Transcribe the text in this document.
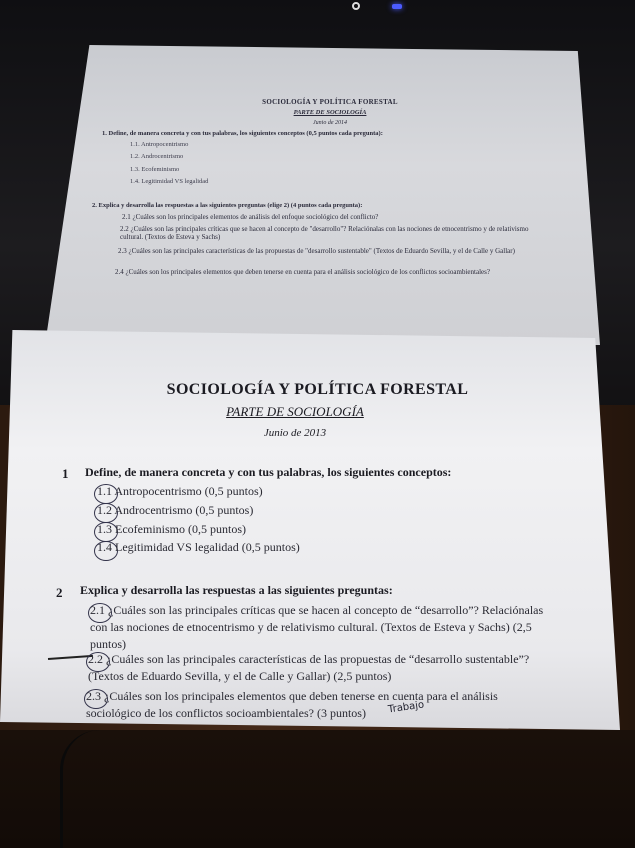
SOCIOLOGÍA Y POLÍTICA FORESTAL
PARTE DE SOCIOLOGÍA
Junio de 2014
1. Define, de manera concreta y con tus palabras, los siguientes conceptos (0,5 puntos cada pregunta):
1.1. Antropocentrismo
1.2. Androcentrismo
1.3. Ecofeminismo
1.4. Legitimidad VS legalidad
2. Explica y desarrolla las respuestas a las siguientes preguntas (elige 2) (4 puntos cada pregunta):
2.1 ¿Cuáles son los principales elementos de análisis del enfoque sociológico del conflicto?
2.2 ¿Cuáles son las principales críticas que se hacen al concepto de "desarrollo"? Relaciónalas con las nociones de etnocentrismo y de relativismo cultural. (Textos de Esteva y Sachs)
2.3 ¿Cuáles son las principales características de las propuestas de "desarrollo sustentable" (Textos de Eduardo Sevilla, y el de Calle y Gallar)
2.4 ¿Cuáles son los principales elementos que deben tenerse en cuenta para el análisis sociológico de los conflictos socioambientales?
SOCIOLOGÍA Y POLÍTICA FORESTAL
PARTE DE SOCIOLOGÍA
Junio de 2013
1 Define, de manera concreta y con tus palabras, los siguientes conceptos:
1.1 Antropocentrismo (0,5 puntos)
1.2 Androcentrismo (0,5 puntos)
1.3 Ecofeminismo (0,5 puntos)
1.4 Legitimidad VS legalidad (0,5 puntos)
2 Explica y desarrolla las respuestas a las siguientes preguntas:
2.1 ¿Cuáles son las principales críticas que se hacen al concepto de “desarrollo”? Relaciónalas con las nociones de etnocentrismo y de relativismo cultural. (Textos de Esteva y Sachs) (2,5 puntos)
2.2 ¿Cuáles son las principales características de las propuestas de “desarrollo sustentable”? (Textos de Eduardo Sevilla, y el de Calle y Gallar) (2,5 puntos)
2.3 ¿Cuáles son los principales elementos que deben tenerse en cuenta para el análisis sociológico de los conflictos socioambientales? (3 puntos)	Trabajo
